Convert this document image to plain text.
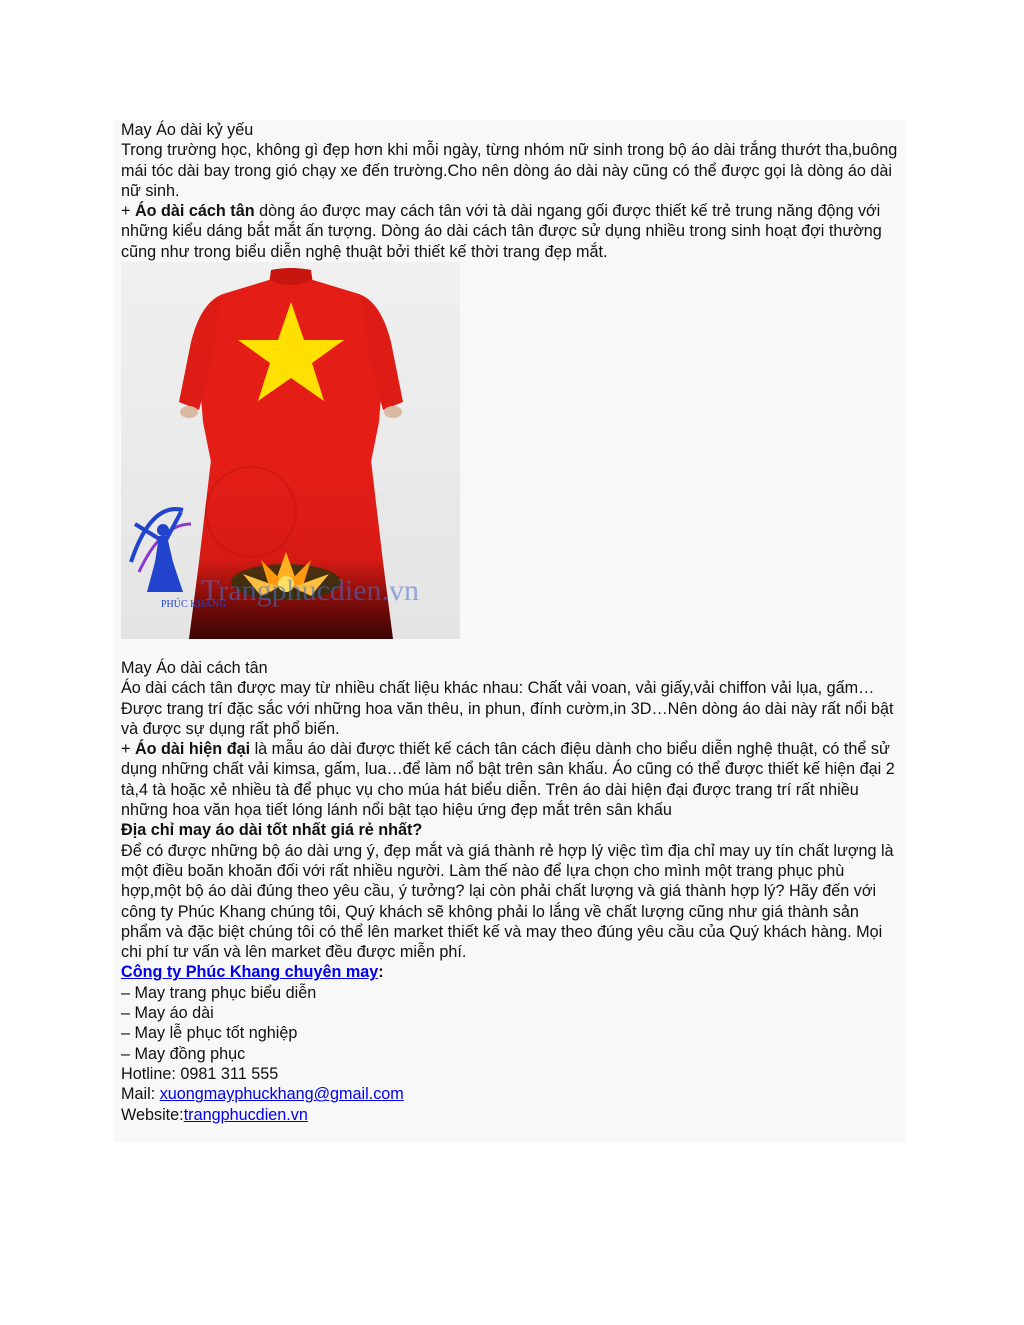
May Áo dài kỷ yếu

Trong trường học, không gì đẹp hơn khi mỗi ngày, từng nhóm nữ sinh trong bộ áo dài trắng thướt tha,buông mái tóc dài bay trong gió chạy xe đến trường.Cho nên dòng áo dài này cũng có thể được gọi là dòng áo dài nữ sinh.

+ Áo dài cách tân dòng áo được may cách tân với tà dài ngang gối được thiết kế trẻ trung năng động với những kiểu dáng bắt mắt ấn tượng. Dòng áo dài cách tân được sử dụng nhiều trong sinh hoạt đợi thường cũng như trong biểu diễn nghệ thuật bởi thiết kế thời trang đẹp mắt.

Trangphucdien.vn
PHÚC KHANG

May Áo dài cách tân

Áo dài cách tân được may từ nhiều chất liệu khác nhau: Chất vải voan, vải giấy,vải chiffon vải lụa, gấm…Được trang trí đặc sắc với những hoa văn thêu, in phun, đính cườm,in 3D…Nên dòng áo dài này rất nổi bật và được sự dụng rất phổ biến.

+ Áo dài hiện đại là mẫu áo dài được thiết kế cách tân cách điệu dành cho biểu diễn nghệ thuật, có thể sử dụng những chất vải kimsa, gấm, lua…để làm nổ bật trên sân khấu. Áo cũng có thể được thiết kế hiện đại 2 tà,4 tà hoặc xẻ nhiều tà để phục vụ cho múa hát biểu diễn. Trên áo dài hiện đại được trang trí rất nhiều những hoa văn họa tiết lóng lánh nổi bật tạo hiệu ứng đẹp mắt trên sân khấu

Địa chỉ may áo dài tốt nhất giá rẻ nhất?

Để có được những bộ áo dài ưng ý, đẹp mắt và giá thành rẻ hợp lý việc tìm địa chỉ may uy tín chất lượng là một điều boăn khoăn đối với rất nhiều người. Làm thế nào để lựa chọn cho mình một trang phục phù hợp,một bộ áo dài đúng theo yêu cầu, ý tưởng? lại còn phải chất lượng và giá thành hợp lý? Hãy đến với công ty Phúc Khang chúng tôi, Quý khách sẽ không phải lo lắng về chất lượng cũng như giá thành sản phẩm và đặc biệt chúng tôi có thể lên market thiết kế và may theo đúng yêu cầu của Quý khách hàng. Mọi chi phí tư vấn và lên market đều được miễn phí.

Công ty Phúc Khang chuyên may:

– May trang phục biểu diễn

– May áo dài

– May lễ phục tốt nghiệp

– May đồng phục

Hotline: 0981 311 555

Mail: xuongmayphuckhang@gmail.com

Website:trangphucdien.vn
